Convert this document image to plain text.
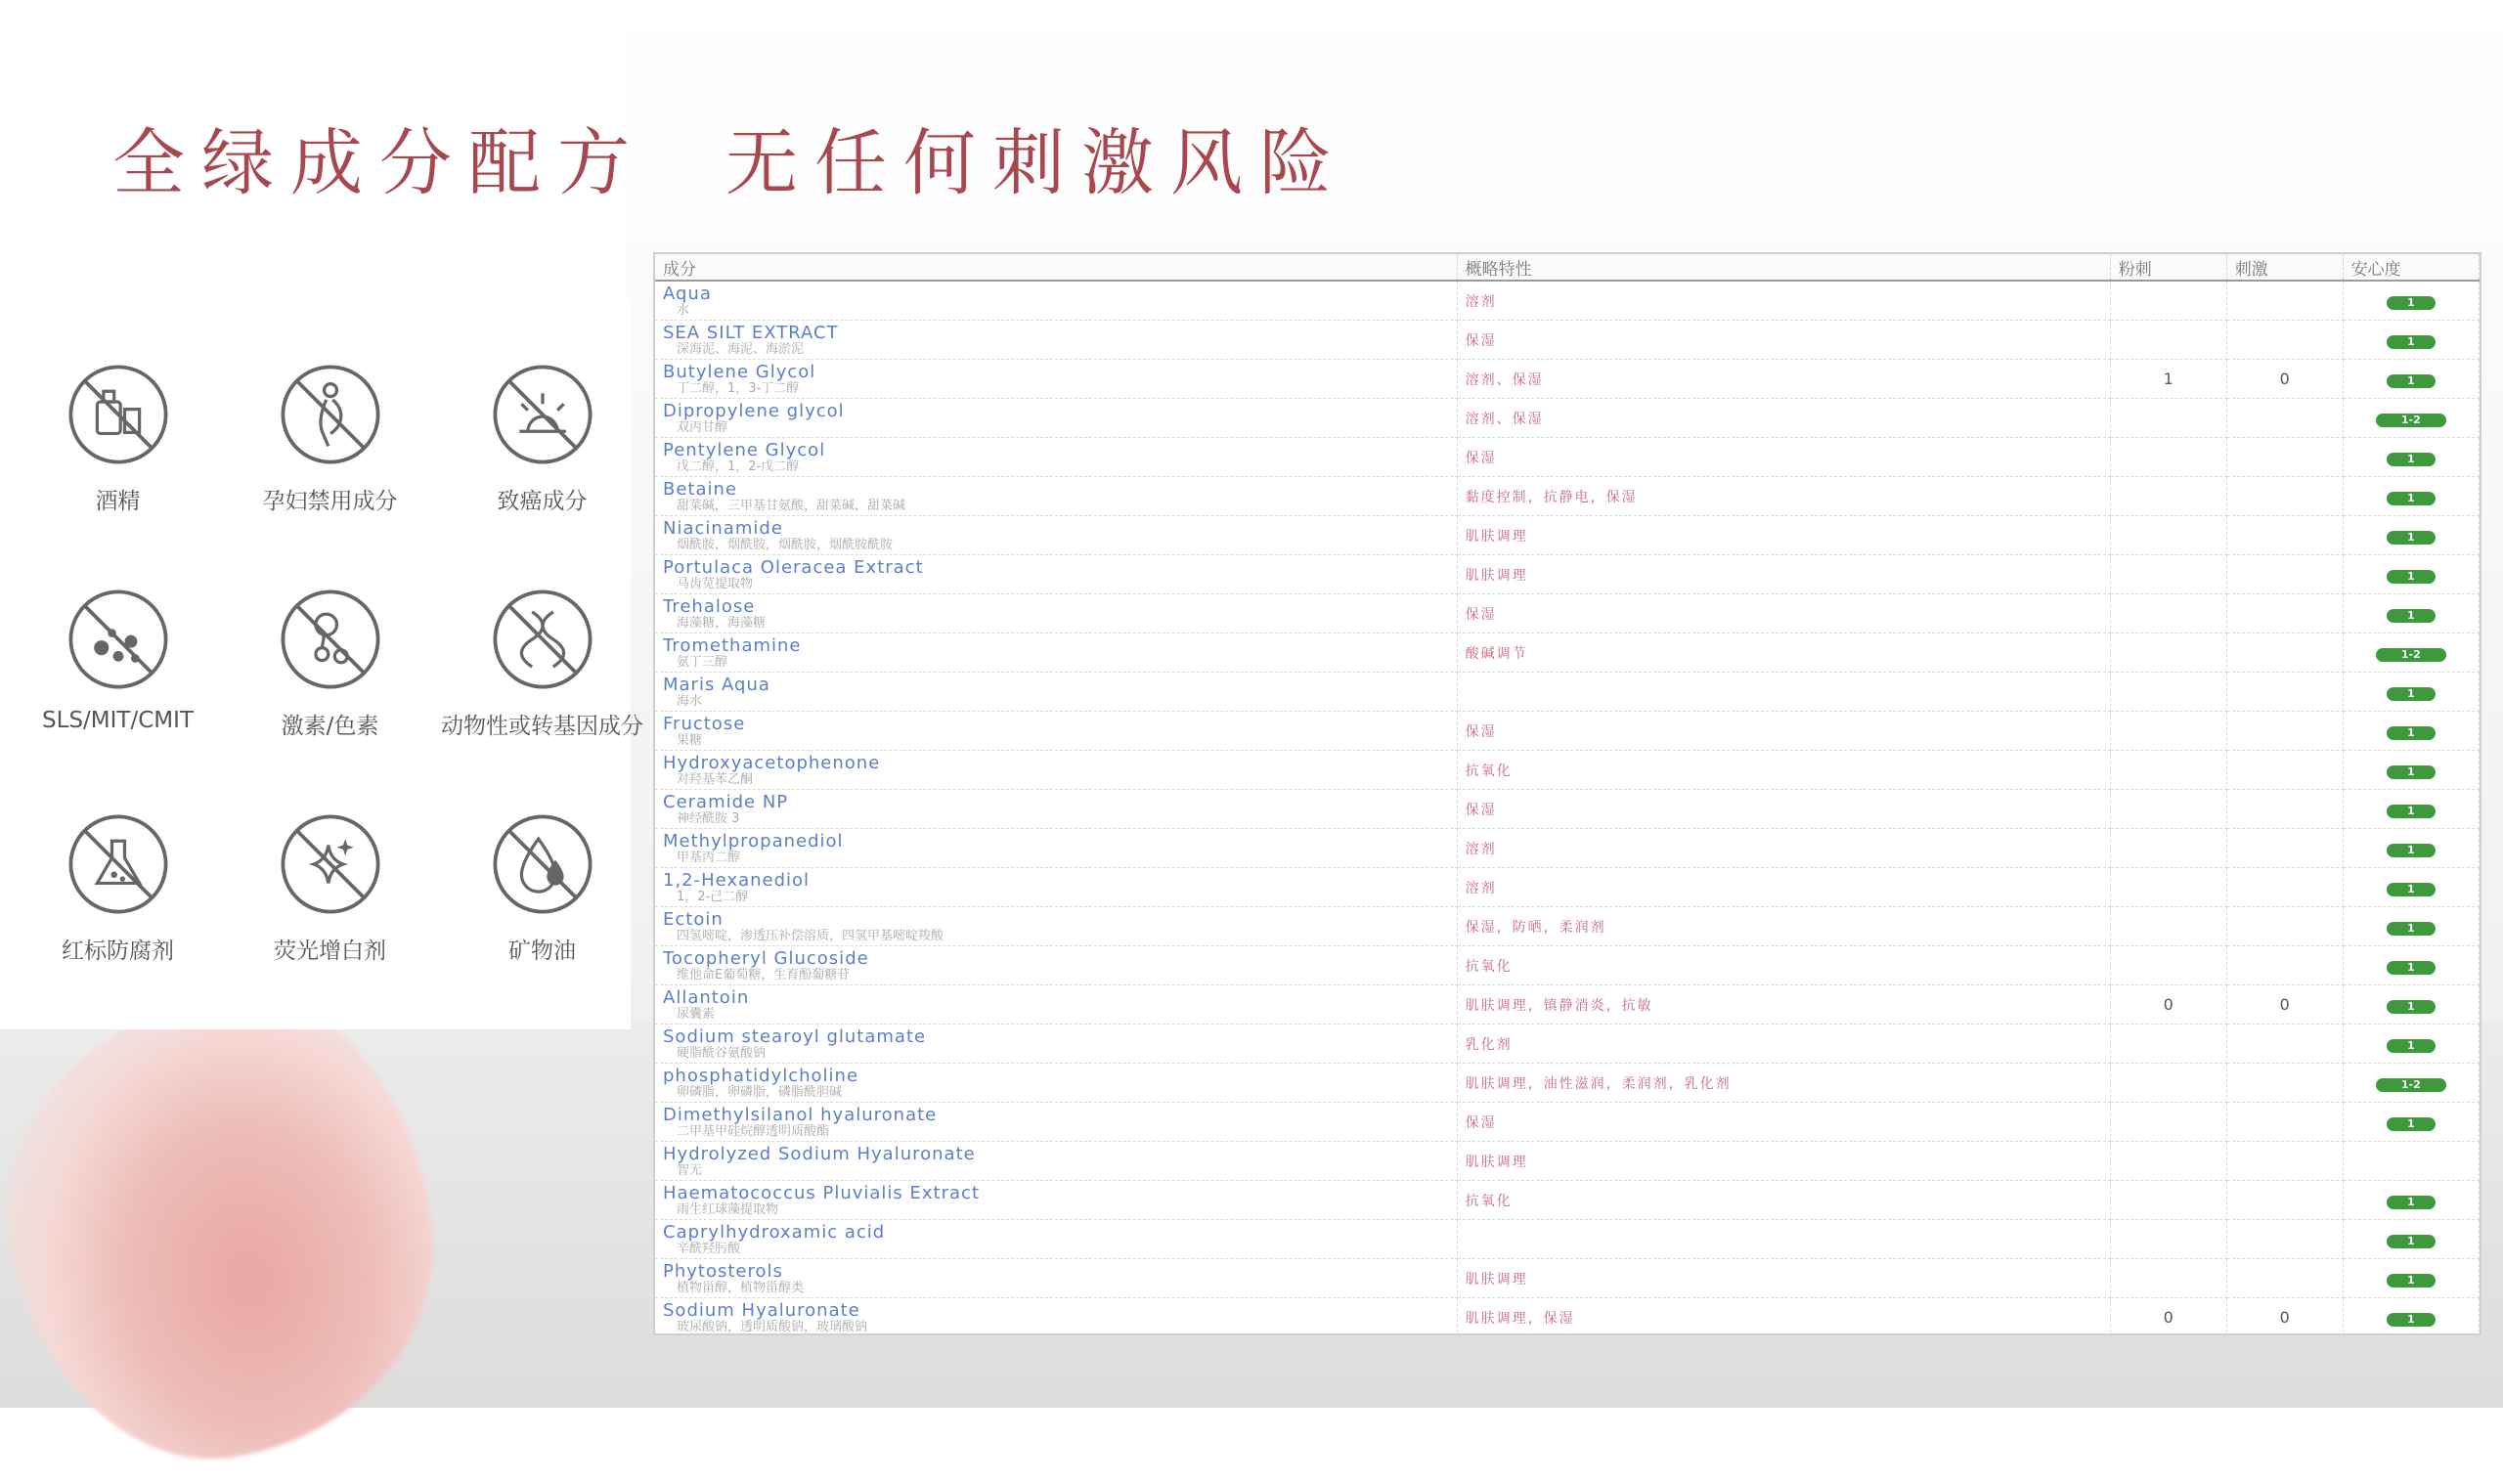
全绿成分配方  无任何刺激风险
酒精	孕妇禁用成分	致癌成分
SLS/MIT/CMIT	激素/色素	动物性或转基因成分
红标防腐剂	荧光增白剂	矿物油
成分	概略特性	粉刺	刺激	安心度

Aqua
水	溶剂			1

SEA SILT EXTRACT
深海泥、海泥、海淤泥	保湿			1

Butylene Glycol
丁二醇，1，3-丁二醇	溶剂、保湿	1	0	1

Dipropylene glycol
双丙甘醇	溶剂、保湿			1-2

Pentylene Glycol
戊二醇，1，2-戊二醇	保湿			1

Betaine
甜菜碱，三甲基甘氨酸，甜菜碱，甜菜碱	黏度控制，抗静电，保湿			1

Niacinamide
烟酰胺，烟酰胺，烟酰胺，烟酰胺酰胺	肌肤调理			1

Portulaca Oleracea Extract
马齿苋提取物	肌肤调理			1

Trehalose
海藻糖，海藻糖	保湿			1

Tromethamine
氨丁三醇	酸碱调节			1-2

Maris Aqua
海水				1

Fructose
果糖	保湿			1

Hydroxyacetophenone
对羟基苯乙酮	抗氧化			1

Ceramide NP
神经酰胺 3	保湿			1

Methylpropanediol
甲基丙二醇	溶剂			1

1,2-Hexanediol
1，2-己二醇	溶剂			1

Ectoin
四氢嘧啶，渗透压补偿溶质，四氢甲基嘧啶羧酸	保湿，防晒，柔润剂			1

Tocopheryl Glucoside
维他命E葡萄糖，生育酚葡糖苷	抗氧化			1

Allantoin
尿囊素	肌肤调理，镇静消炎，抗敏	0	0	1

Sodium stearoyl glutamate
硬脂酰谷氨酸钠	乳化剂			1

phosphatidylcholine
卵磷脂，卵磷脂，磷脂酰胆碱	肌肤调理，油性滋润，柔润剂，乳化剂			1-2

Dimethylsilanol hyaluronate
二甲基甲硅烷醇透明质酸酯	保湿			1

Hydrolyzed Sodium Hyaluronate
智无	肌肤调理			

Haematococcus Pluvialis Extract
雨生红球藻提取物	抗氧化			1

Caprylhydroxamic acid
辛酰羟肟酸				1

Phytosterols
植物甾醇，植物甾醇类	肌肤调理			1

Sodium Hyaluronate
玻尿酸钠，透明质酸钠，玻璃酸钠	肌肤调理，保湿	0	0	1
